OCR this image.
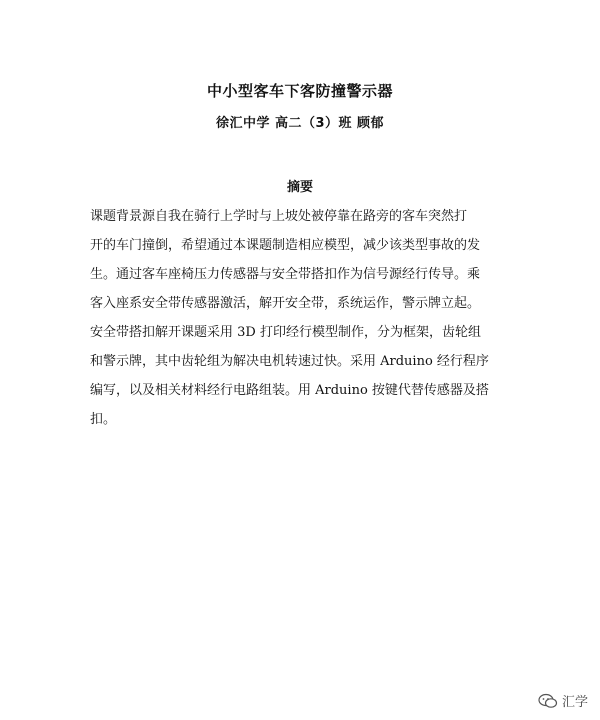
中小型客车下客防撞警示器
徐汇中学 高二（3）班 顾郁
摘要
课题背景源自我在骑行上学时与上坡处被停靠在路旁的客车突然打
开的车门撞倒，希望通过本课题制造相应模型，减少该类型事故的发
生。通过客车座椅压力传感器与安全带搭扣作为信号源经行传导。乘
客入座系安全带传感器激活，解开安全带，系统运作，警示牌立起。
安全带搭扣解开课题采用 3D 打印经行模型制作，分为框架，齿轮组
和警示牌，其中齿轮组为解决电机转速过快。采用 Arduino 经行程序
编写，以及相关材料经行电路组装。用 Arduino 按键代替传感器及搭
扣。
汇学
